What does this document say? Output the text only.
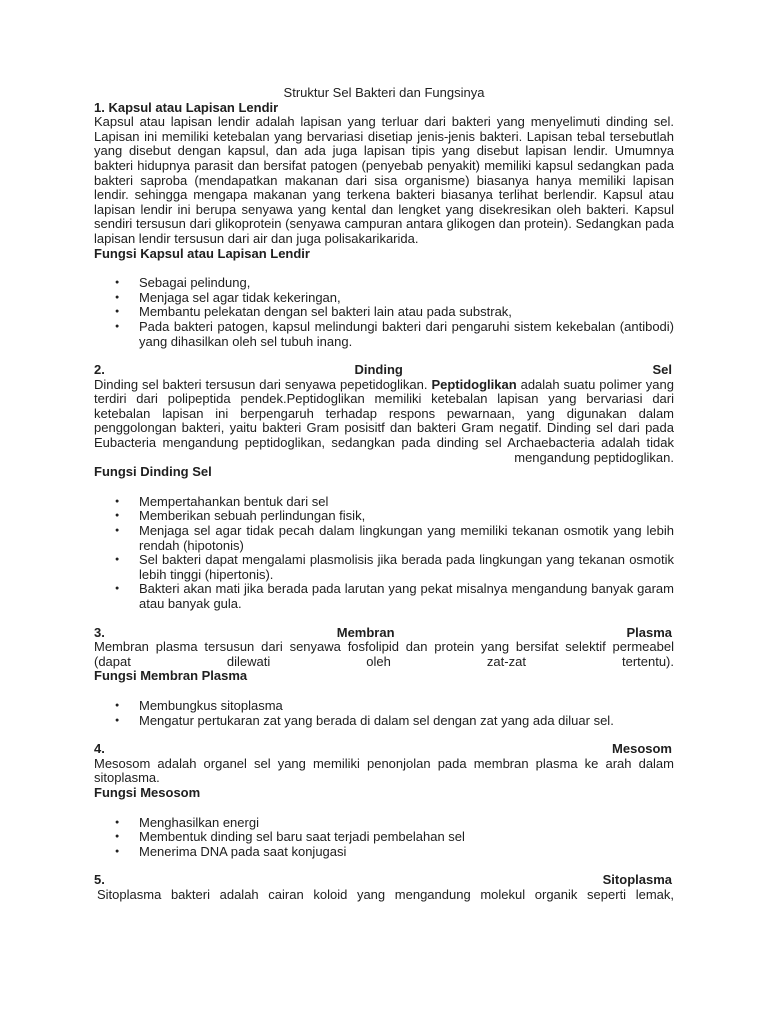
Struktur Sel Bakteri dan Fungsinya

1. Kapsul atau Lapisan Lendir

Kapsul atau lapisan lendir adalah lapisan yang terluar dari bakteri yang menyelimuti dinding sel. Lapisan ini memiliki ketebalan yang bervariasi disetiap jenis-jenis bakteri. Lapisan tebal tersebutlah yang disebut dengan kapsul, dan ada juga lapisan tipis yang disebut lapisan lendir. Umumnya bakteri hidupnya parasit dan bersifat patogen (penyebab penyakit) memiliki kapsul sedangkan pada bakteri saproba (mendapatkan makanan dari sisa organisme) biasanya hanya memiliki lapisan lendir. sehingga mengapa makanan yang terkena bakteri biasanya terlihat berlendir. Kapsul atau lapisan lendir ini berupa senyawa yang kental dan lengket yang disekresikan oleh bakteri. Kapsul sendiri tersusun dari glikoprotein (senyawa campuran antara glikogen dan protein). Sedangkan pada lapisan lendir tersusun dari air dan juga polisakarikarida.

Fungsi Kapsul atau Lapisan Lendir

● Sebagai pelindung,
● Menjaga sel agar tidak kekeringan,
● Membantu pelekatan dengan sel bakteri lain atau pada substrak,
● Pada bakteri patogen, kapsul melindungi bakteri dari pengaruhi sistem kekebalan (antibodi) yang dihasilkan oleh sel tubuh inang.
2.	Dinding	Sel

Dinding sel bakteri tersusun dari senyawa pepetidoglikan. Peptidoglikan adalah suatu polimer yang terdiri dari polipeptida pendek.Peptidoglikan memiliki ketebalan lapisan yang bervariasi dari ketebalan lapisan ini berpengaruh terhadap respons pewarnaan, yang digunakan dalam penggolongan bakteri, yaitu bakteri Gram posisitf dan bakteri Gram negatif. Dinding sel dari pada Eubacteria mengandung peptidoglikan, sedangkan pada dinding sel Archaebacteria adalah tidak mengandung peptidoglikan.

Fungsi Dinding Sel

● Mempertahankan bentuk dari sel
● Memberikan sebuah perlindungan fisik,
● Menjaga sel agar tidak pecah dalam lingkungan yang memiliki tekanan osmotik yang lebih rendah (hipotonis)
● Sel bakteri dapat mengalami plasmolisis jika berada pada lingkungan yang tekanan osmotik lebih tinggi (hipertonis).
● Bakteri akan mati jika berada pada larutan yang pekat misalnya mengandung banyak garam atau banyak gula.
3.	Membran	Plasma

Membran plasma tersusun dari senyawa fosfolipid dan protein yang bersifat selektif permeabel (dapat dilewati oleh zat-zat tertentu).

Fungsi Membran Plasma

● Membungkus sitoplasma
● Mengatur pertukaran zat yang berada di dalam sel dengan zat yang ada diluar sel.
4.	Mesosom

Mesosom adalah organel sel yang memiliki penonjolan pada membran plasma ke arah dalam sitoplasma.

Fungsi Mesosom

● Menghasilkan energi
● Membentuk dinding sel baru saat terjadi pembelahan sel
● Menerima DNA pada saat konjugasi
5.	Sitoplasma

Sitoplasma bakteri adalah cairan koloid yang mengandung molekul organik seperti lemak,
